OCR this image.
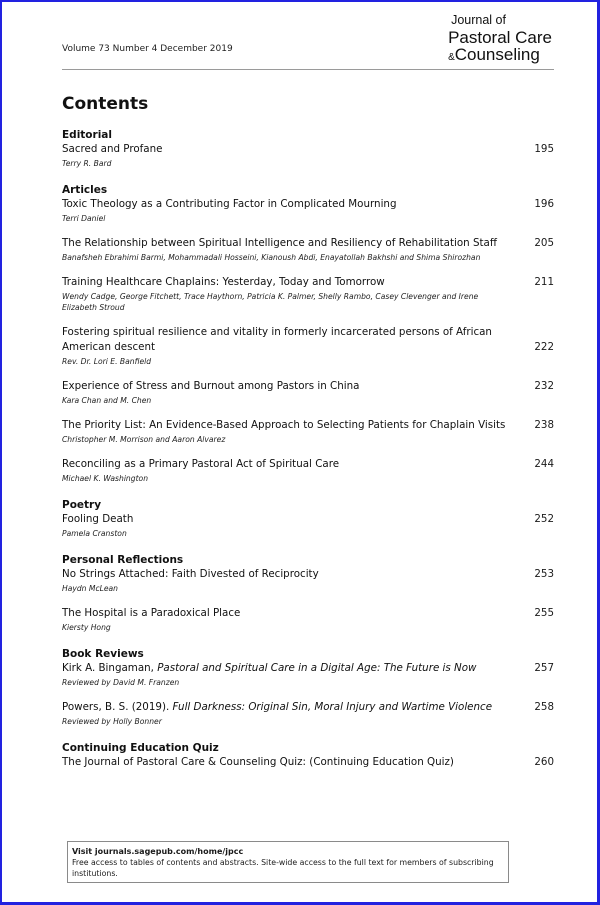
Volume 73 Number 4 December 2019
Journal of
Pastoral Care
&Counseling
Contents
Editorial
Sacred and Profane
Terry R. Bard
195
Articles
Toxic Theology as a Contributing Factor in Complicated Mourning
Terri Daniel
196
The Relationship between Spiritual Intelligence and Resiliency of Rehabilitation Staff
Banafsheh Ebrahimi Barmi, Mohammadali Hosseini, Kianoush Abdi, Enayatollah Bakhshi and Shima Shirozhan
205
Training Healthcare Chaplains: Yesterday, Today and Tomorrow
Wendy Cadge, George Fitchett, Trace Haythorn, Patricia K. Palmer, Shelly Rambo, Casey Clevenger and Irene Elizabeth Stroud
211
Fostering spiritual resilience and vitality in formerly incarcerated persons of African American descent
Rev. Dr. Lori E. Banfield
222
Experience of Stress and Burnout among Pastors in China
Kara Chan and M. Chen
232
The Priority List: An Evidence-Based Approach to Selecting Patients for Chaplain Visits
Christopher M. Morrison and Aaron Alvarez
238
Reconciling as a Primary Pastoral Act of Spiritual Care
Michael K. Washington
244
Poetry
Fooling Death
Pamela Cranston
252
Personal Reflections
No Strings Attached: Faith Divested of Reciprocity
Haydn McLean
253
The Hospital is a Paradoxical Place
Kiersty Hong
255
Book Reviews
Kirk A. Bingaman, Pastoral and Spiritual Care in a Digital Age: The Future is Now
Reviewed by David M. Franzen
257
Powers, B. S. (2019). Full Darkness: Original Sin, Moral Injury and Wartime Violence
Reviewed by Holly Bonner
258
Continuing Education Quiz
The Journal of Pastoral Care & Counseling Quiz: (Continuing Education Quiz)	260
Visit journals.sagepub.com/home/jpcc
Free access to tables of contents and abstracts. Site-wide access to the full text for members of subscribing institutions.
